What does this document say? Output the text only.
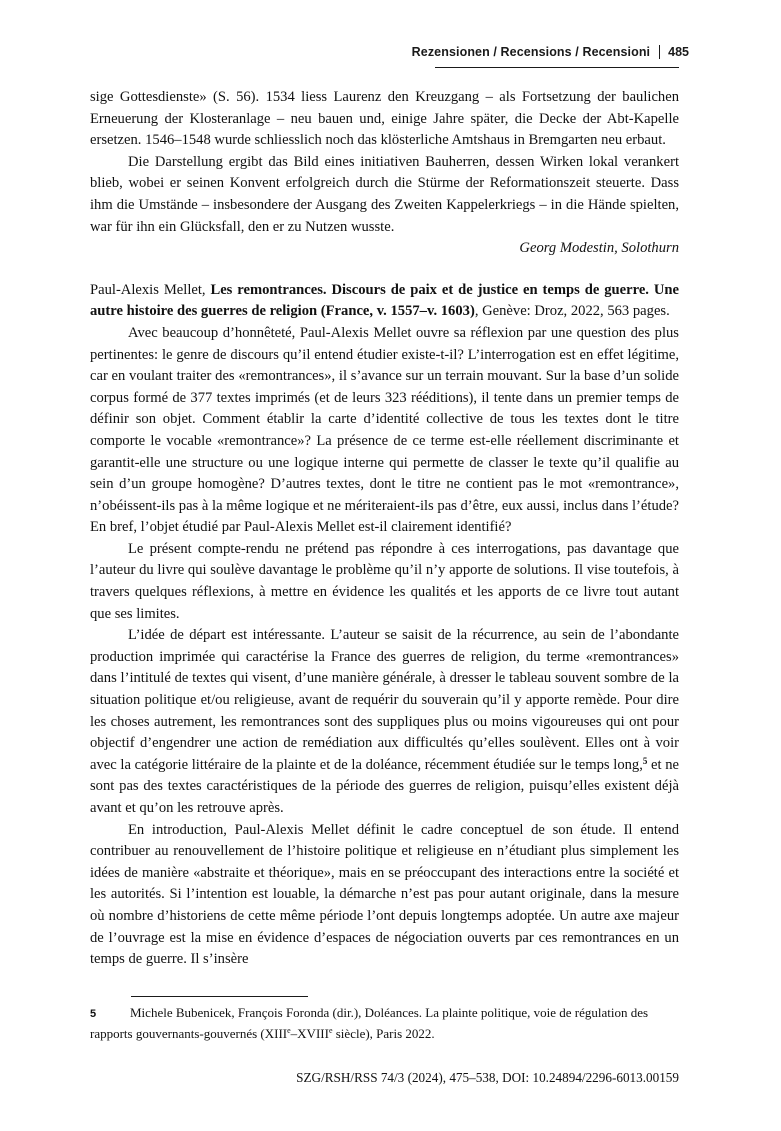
Rezensionen / Recensions / Recensioni 485

sige Gottesdienste» (S. 56). 1534 liess Laurenz den Kreuzgang – als Fortsetzung der baulichen Erneuerung der Klosteranlage – neu bauen und, einige Jahre später, die Decke der Abt-Kapelle ersetzen. 1546–1548 wurde schliesslich noch das klösterliche Amtshaus in Bremgarten neu erbaut.

Die Darstellung ergibt das Bild eines initiativen Bauherren, dessen Wirken lokal verankert blieb, wobei er seinen Konvent erfolgreich durch die Stürme der Reformationszeit steuerte. Dass ihm die Umstände – insbesondere der Ausgang des Zweiten Kappelerkriegs – in die Hände spielten, war für ihn ein Glücksfall, den er zu Nutzen wusste.

Georg Modestin, Solothurn

Paul-Alexis Mellet, Les remontrances. Discours de paix et de justice en temps de guerre. Une autre histoire des guerres de religion (France, v. 1557–v. 1603), Genève: Droz, 2022, 563 pages.

Avec beaucoup d’honnêteté, Paul-Alexis Mellet ouvre sa réflexion par une question des plus pertinentes: le genre de discours qu’il entend étudier existe-t-il? L’interrogation est en effet légitime, car en voulant traiter des «remontrances», il s’avance sur un terrain mouvant. Sur la base d’un solide corpus formé de 377 textes imprimés (et de leurs 323 rééditions), il tente dans un premier temps de définir son objet. Comment établir la carte d’identité collective de tous les textes dont le titre comporte le vocable «remontrance»? La présence de ce terme est-elle réellement discriminante et garantit-elle une structure ou une logique interne qui permette de classer le texte qu’il qualifie au sein d’un groupe homogène? D’autres textes, dont le titre ne contient pas le mot «remontrance», n’obéissent-ils pas à la même logique et ne mériteraient-ils pas d’être, eux aussi, inclus dans l’étude? En bref, l’objet étudié par Paul-Alexis Mellet est-il clairement identifié?

Le présent compte-rendu ne prétend pas répondre à ces interrogations, pas davantage que l’auteur du livre qui soulève davantage le problème qu’il n’y apporte de solutions. Il vise toutefois, à travers quelques réflexions, à mettre en évidence les qualités et les apports de ce livre tout autant que ses limites.

L’idée de départ est intéressante. L’auteur se saisit de la récurrence, au sein de l’abondante production imprimée qui caractérise la France des guerres de religion, du terme «remontrances» dans l’intitulé de textes qui visent, d’une manière générale, à dresser le tableau souvent sombre de la situation politique et/ou religieuse, avant de requérir du souverain qu’il y apporte remède. Pour dire les choses autrement, les remontrances sont des suppliques plus ou moins vigoureuses qui ont pour objectif d’engendrer une action de remédiation aux difficultés qu’elles soulèvent. Elles ont à voir avec la catégorie littéraire de la plainte et de la doléance, récemment étudiée sur le temps long,$^5$ et ne sont pas des textes caractéristiques de la période des guerres de religion, puisqu’elles existent déjà avant et qu’on les retrouve après.

En introduction, Paul-Alexis Mellet définit le cadre conceptuel de son étude. Il entend contribuer au renouvellement de l’histoire politique et religieuse en n’étudiant plus simplement les idées de manière «abstraite et théorique», mais en se préoccupant des interactions entre la société et les autorités. Si l’intention est louable, la démarche n’est pas pour autant originale, dans la mesure où nombre d’historiens de cette même période l’ont depuis longtemps adoptée. Un autre axe majeur de l’ouvrage est la mise en évidence d’espaces de négociation ouverts par ces remontrances en un temps de guerre. Il s’insère

5	Michele Bubenicek, François Foronda (dir.), Doléances. La plainte politique, voie de régulation des rapports gouvernants-gouvernés (XIIIe–XVIIIe siècle), Paris 2022.
SZG/RSH/RSS 74/3 (2024), 475–538, DOI: 10.24894/2296-6013.00159
